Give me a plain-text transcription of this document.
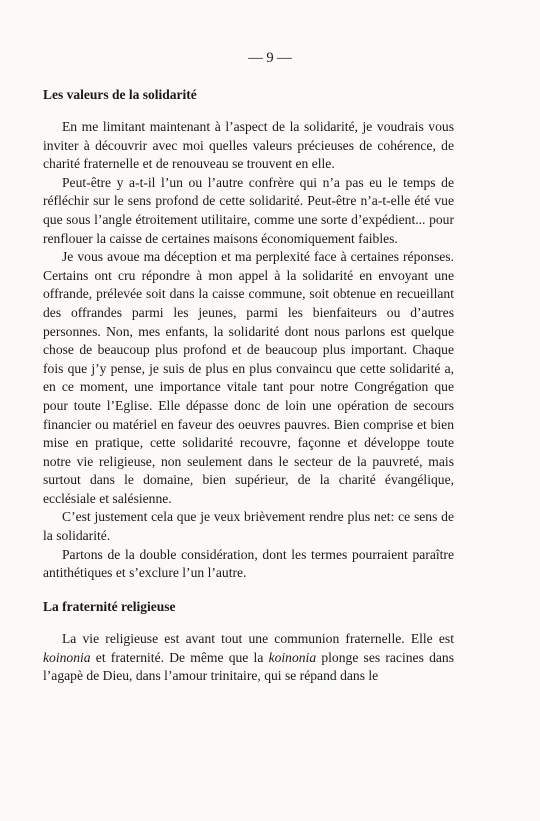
— 9 —
Les valeurs de la solidarité

En me limitant maintenant à l’aspect de la solidarité, je voudrais vous inviter à découvrir avec moi quelles valeurs précieuses de cohérence, de charité fraternelle et de renouveau se trouvent en elle.

Peut-être y a-t-il l’un ou l’autre confrère qui n’a pas eu le temps de réfléchir sur le sens profond de cette solidarité. Peut-être n’a-t-elle été vue que sous l’angle étroitement utilitaire, comme une sorte d’expédient... pour renflouer la caisse de certaines maisons économiquement faibles.

Je vous avoue ma déception et ma perplexité face à certaines réponses. Certains ont cru répondre à mon appel à la solidarité en envoyant une offrande, prélevée soit dans la caisse commune, soit obtenue en recueillant des offrandes parmi les jeunes, parmi les bienfaiteurs ou d’autres personnes. Non, mes enfants, la solidarité dont nous parlons est quelque chose de beaucoup plus profond et de beaucoup plus important. Chaque fois que j’y pense, je suis de plus en plus convaincu que cette solidarité a, en ce moment, une importance vitale tant pour notre Congrégation que pour toute l’Eglise. Elle dépasse donc de loin une opération de secours financier ou matériel en faveur des oeuvres pauvres. Bien comprise et bien mise en pratique, cette solidarité recouvre, façonne et développe toute notre vie religieuse, non seulement dans le secteur de la pauvreté, mais surtout dans le domaine, bien supérieur, de la charité évangélique, ecclésiale et salésienne.

C’est justement cela que je veux brièvement rendre plus net: ce sens de la solidarité.

Partons de la double considération, dont les termes pourraient paraître antithétiques et s’exclure l’un l’autre.

La fraternité religieuse

La vie religieuse est avant tout une communion fraternelle. Elle est koinonia et fraternité. De même que la koinonia plonge ses racines dans l’agapè de Dieu, dans l’amour trinitaire, qui se répand dans le
